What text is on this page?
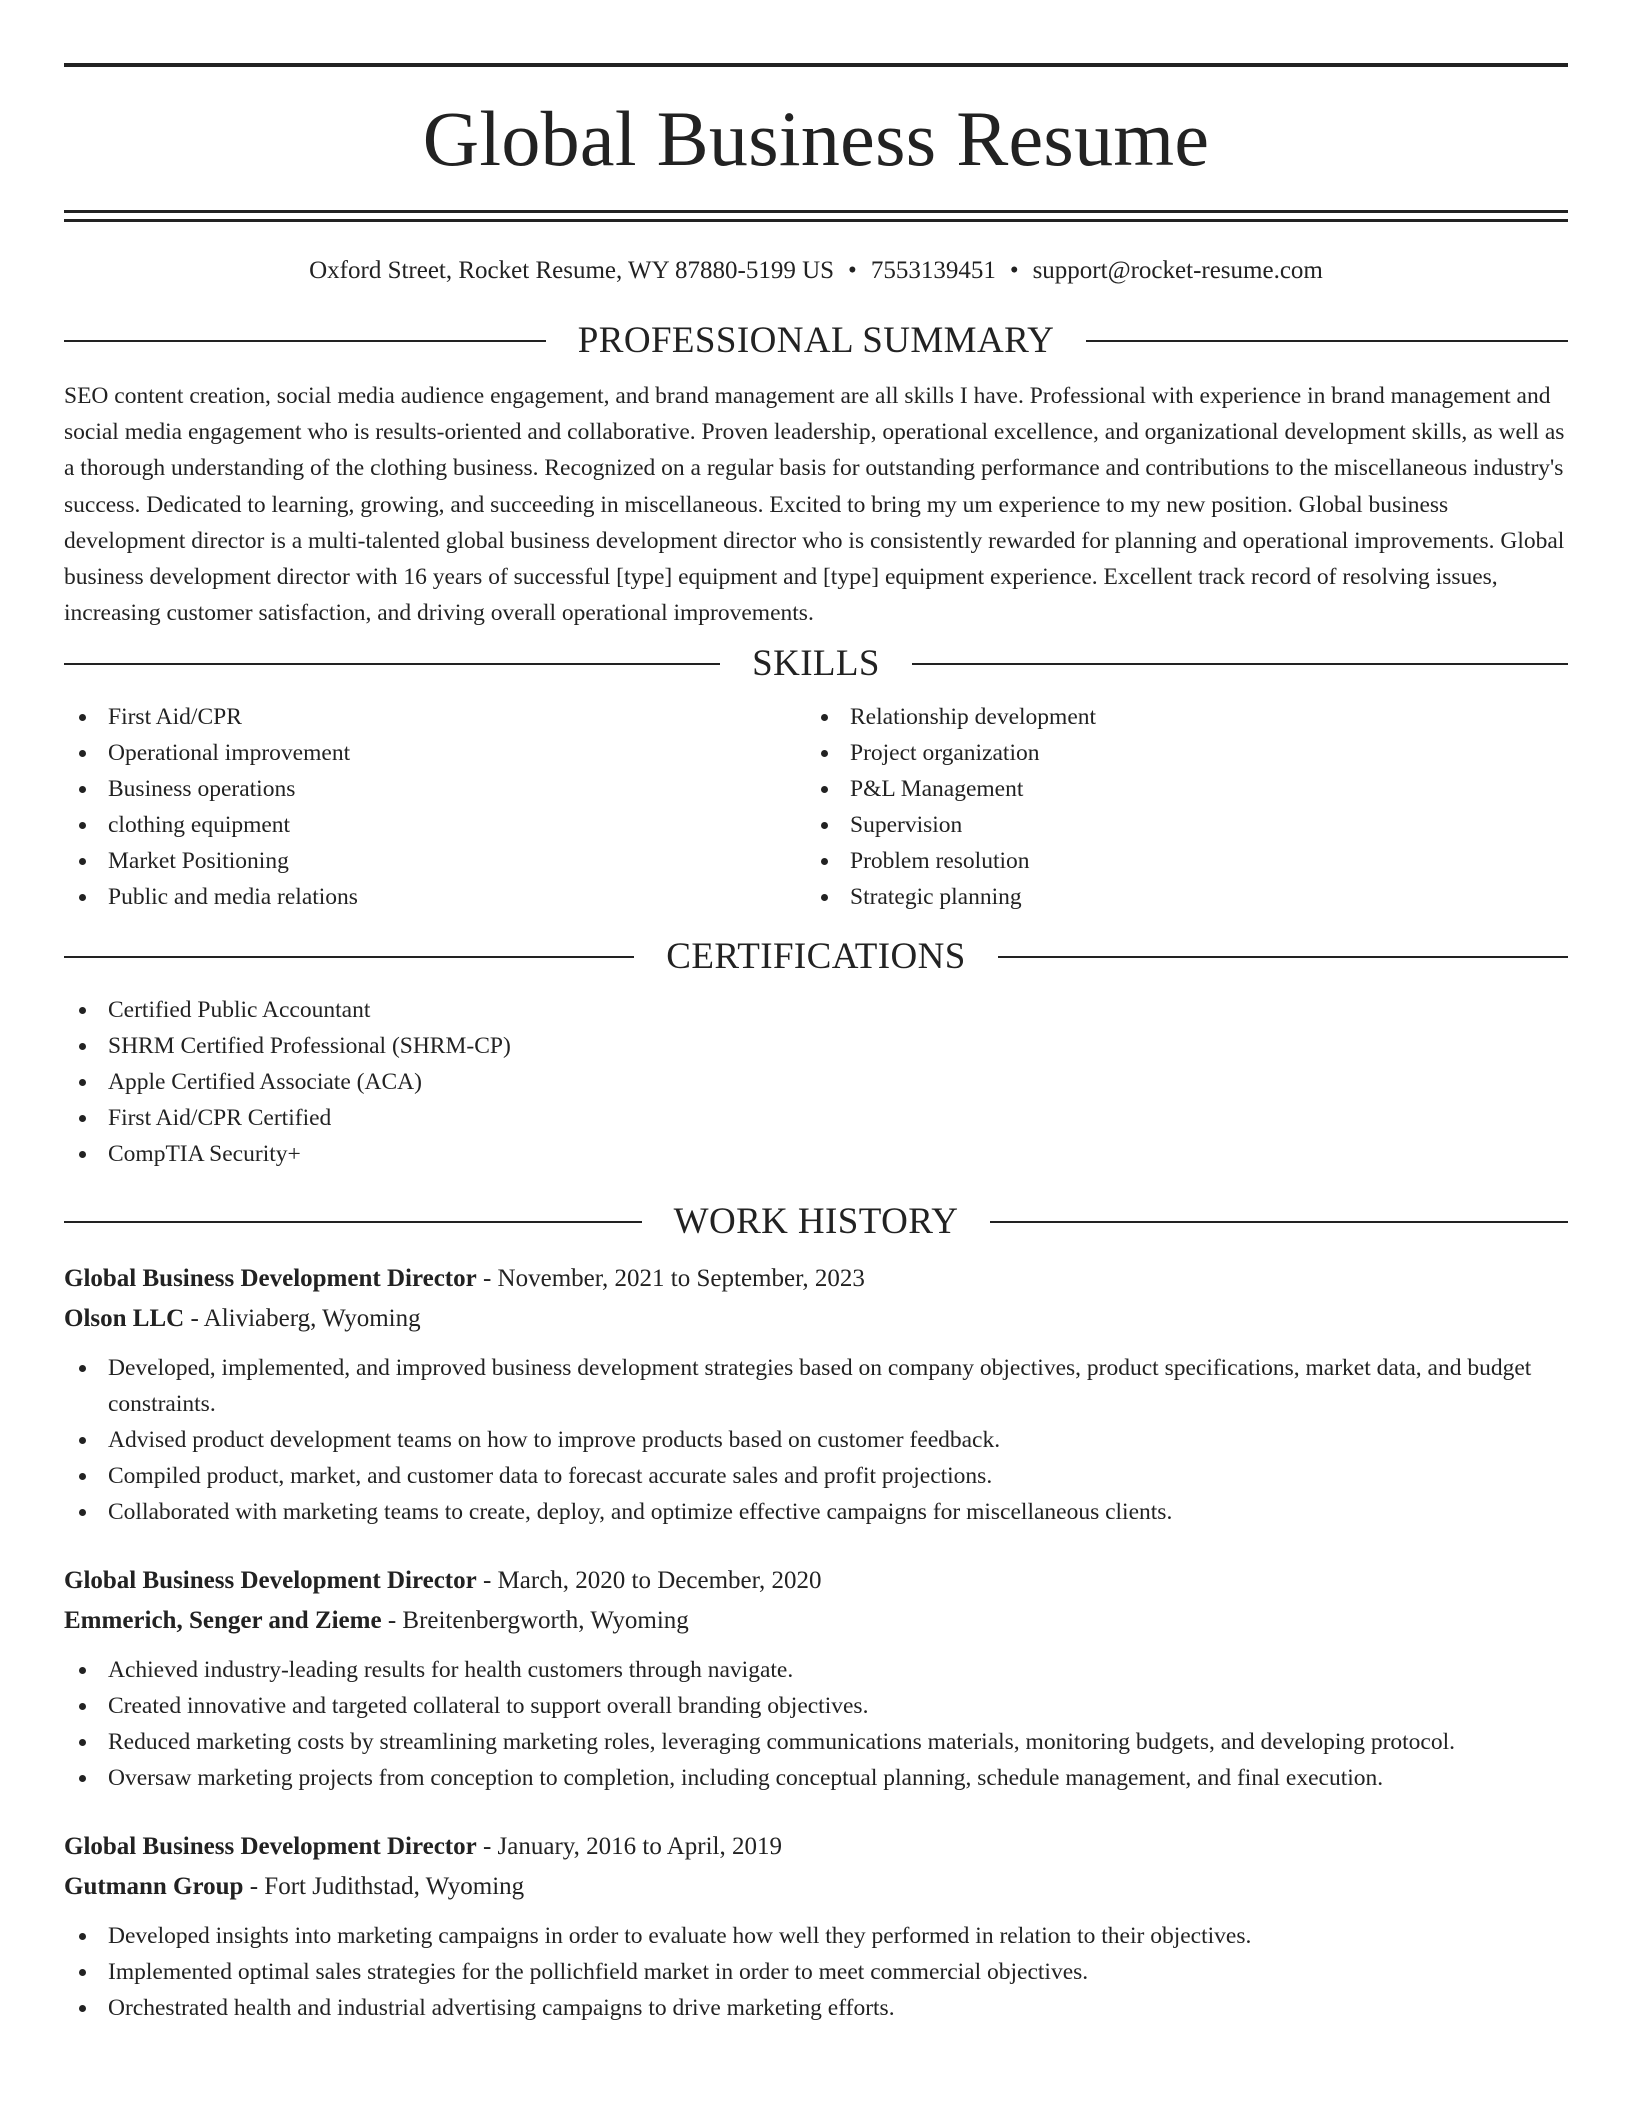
Global Business Resume
Oxford Street, Rocket Resume, WY 87880-5199 US • 7553139451 • support@rocket-resume.com
PROFESSIONAL SUMMARY

SEO content creation, social media audience engagement, and brand management are all skills I have. Professional with experience in brand management and social media engagement who is results-oriented and collaborative. Proven leadership, operational excellence, and organizational development skills, as well as a thorough understanding of the clothing business. Recognized on a regular basis for outstanding performance and contributions to the miscellaneous industry's success. Dedicated to learning, growing, and succeeding in miscellaneous. Excited to bring my um experience to my new position. Global business development director is a multi-talented global business development director who is consistently rewarded for planning and operational improvements. Global business development director with 16 years of successful [type] equipment and [type] equipment experience. Excellent track record of resolving issues, increasing customer satisfaction, and driving overall operational improvements.

SKILLS
First Aid/CPR
Operational improvement
Business operations
clothing equipment
Market Positioning
Public and media relations
Relationship development
Project organization
P&L Management
Supervision
Problem resolution
Strategic planning
CERTIFICATIONS
Certified Public Accountant
SHRM Certified Professional (SHRM-CP)
Apple Certified Associate (ACA)
First Aid/CPR Certified
CompTIA Security+
WORK HISTORY
Global Business Development Director - November, 2021 to September, 2023
Olson LLC - Aliviaberg, Wyoming
Developed, implemented, and improved business development strategies based on company objectives, product specifications, market data, and budget constraints.
Advised product development teams on how to improve products based on customer feedback.
Compiled product, market, and customer data to forecast accurate sales and profit projections.
Collaborated with marketing teams to create, deploy, and optimize effective campaigns for miscellaneous clients.
Global Business Development Director - March, 2020 to December, 2020
Emmerich, Senger and Zieme - Breitenbergworth, Wyoming
Achieved industry-leading results for health customers through navigate.
Created innovative and targeted collateral to support overall branding objectives.
Reduced marketing costs by streamlining marketing roles, leveraging communications materials, monitoring budgets, and developing protocol.
Oversaw marketing projects from conception to completion, including conceptual planning, schedule management, and final execution.
Global Business Development Director - January, 2016 to April, 2019
Gutmann Group - Fort Judithstad, Wyoming
Developed insights into marketing campaigns in order to evaluate how well they performed in relation to their objectives.
Implemented optimal sales strategies for the pollichfield market in order to meet commercial objectives.
Orchestrated health and industrial advertising campaigns to drive marketing efforts.
